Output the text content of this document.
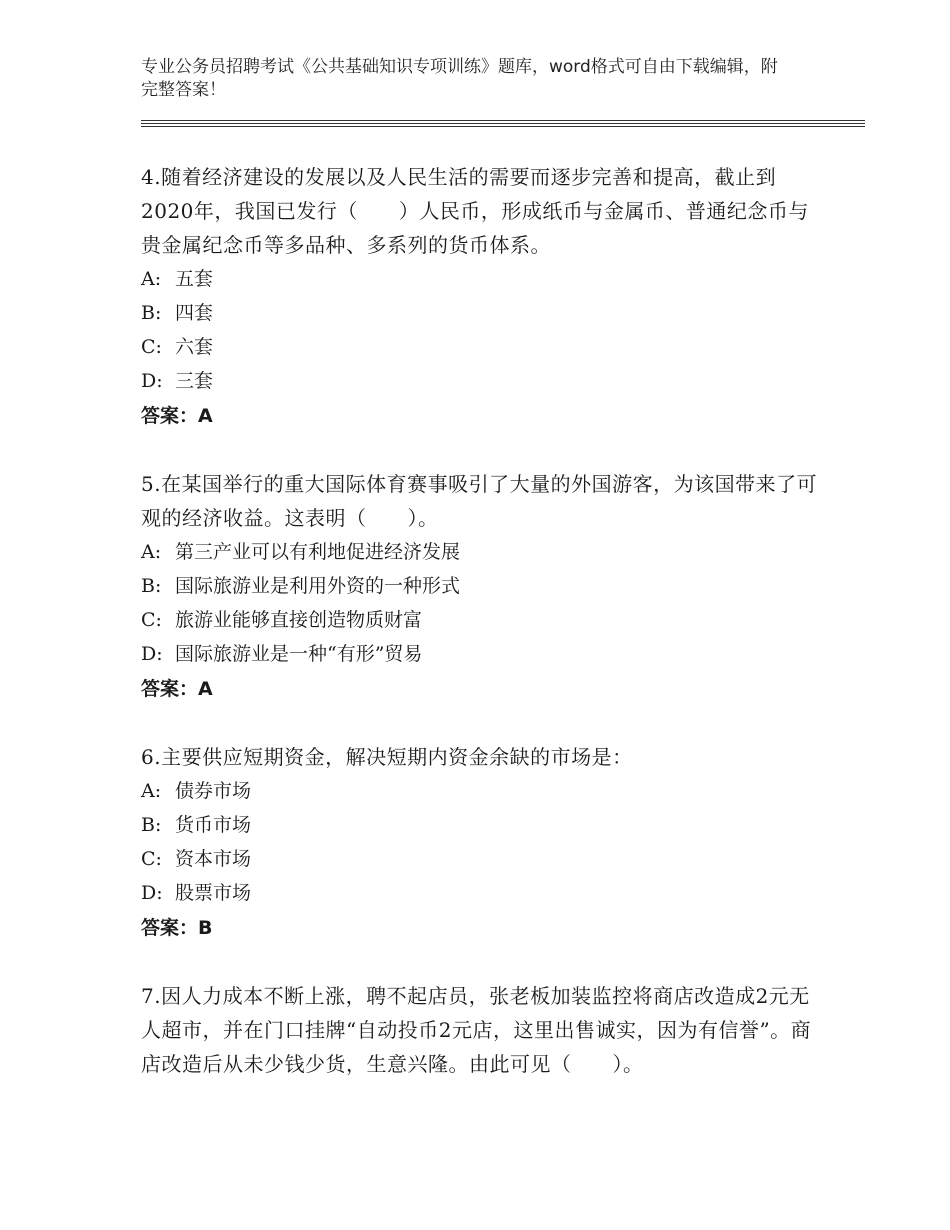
专业公务员招聘考试《公共基础知识专项训练》题库，word格式可自由下载编辑，附完整答案！

4.随着经济建设的发展以及人民生活的需要而逐步完善和提高，截止到2020年，我国已发行（　　）人民币，形成纸币与金属币、普通纪念币与贵金属纪念币等多品种、多系列的货币体系。

A: 五套

B: 四套

C: 六套

D: 三套

答案：A

5.在某国举行的重大国际体育赛事吸引了大量的外国游客，为该国带来了可观的经济收益。这表明（　　）。

A: 第三产业可以有利地促进经济发展

B: 国际旅游业是利用外资的一种形式

C: 旅游业能够直接创造物质财富

D: 国际旅游业是一种“有形”贸易

答案：A

6.主要供应短期资金，解决短期内资金余缺的市场是：

A: 债券市场

B: 货币市场

C: 资本市场

D: 股票市场

答案：B

7.因人力成本不断上涨，聘不起店员，张老板加装监控将商店改造成2元无人超市，并在门口挂牌“自动投币2元店，这里出售诚实，因为有信誉”。商店改造后从未少钱少货，生意兴隆。由此可见（　　）。
